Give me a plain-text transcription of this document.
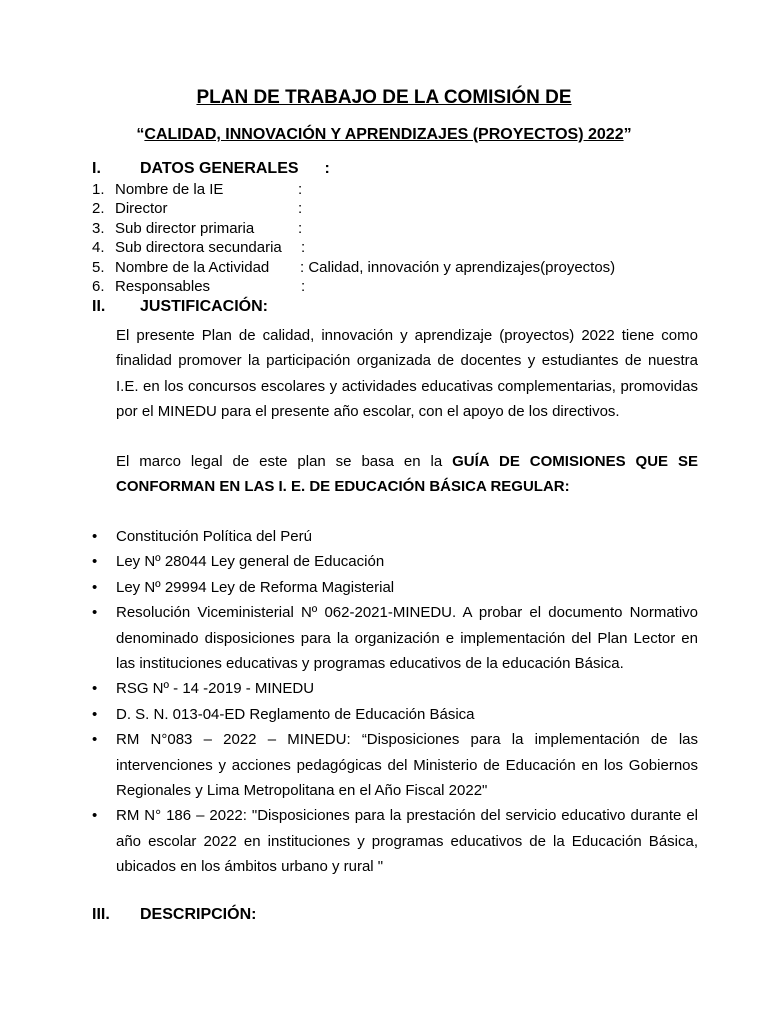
PLAN DE TRABAJO DE LA COMISIÓN DE

“CALIDAD, INNOVACIÓN Y APRENDIZAJES (PROYECTOS) 2022”

I. DATOS GENERALES :
1. Nombre de la IE	:
2. Director	:
3. Sub director primaria	:
4. Sub directora secundaria :
5. Nombre de la Actividad : Calidad, innovación y aprendizajes(proyectos)
6. Responsables	:
II. JUSTIFICACIÓN:

El presente Plan de calidad, innovación y aprendizaje (proyectos) 2022 tiene como finalidad promover la participación organizada de docentes y estudiantes de nuestra I.E. en los concursos escolares y actividades educativas complementarias, promovidas por el MINEDU para el presente año escolar, con el apoyo de los directivos.

El marco legal de este plan se basa en la GUÍA DE COMISIONES QUE SE CONFORMAN EN LAS I. E. DE EDUCACIÓN BÁSICA REGULAR:

•	Constitución Política del Perú
•	Ley Nº 28044 Ley general de Educación
•	Ley Nº 29994 Ley de Reforma Magisterial
•	Resolución Viceministerial Nº 062-2021-MINEDU. A probar el documento Normativo denominado disposiciones para la organización e implementación del Plan Lector en las instituciones educativas y programas educativos de la educación Básica.
•	RSG Nº - 14 -2019 - MINEDU
•	D. S. N. 013-04-ED Reglamento de Educación Básica
•	RM N°083 – 2022 – MINEDU: “Disposiciones para la implementación de las intervenciones y acciones pedagógicas del Ministerio de Educación en los Gobiernos Regionales y Lima Metropolitana en el Año Fiscal 2022"
•	RM N° 186 – 2022: "Disposiciones para la prestación del servicio educativo durante el año escolar 2022 en instituciones y programas educativos de la Educación Básica, ubicados en los ámbitos urbano y rural "
III. DESCRIPCIÓN:
